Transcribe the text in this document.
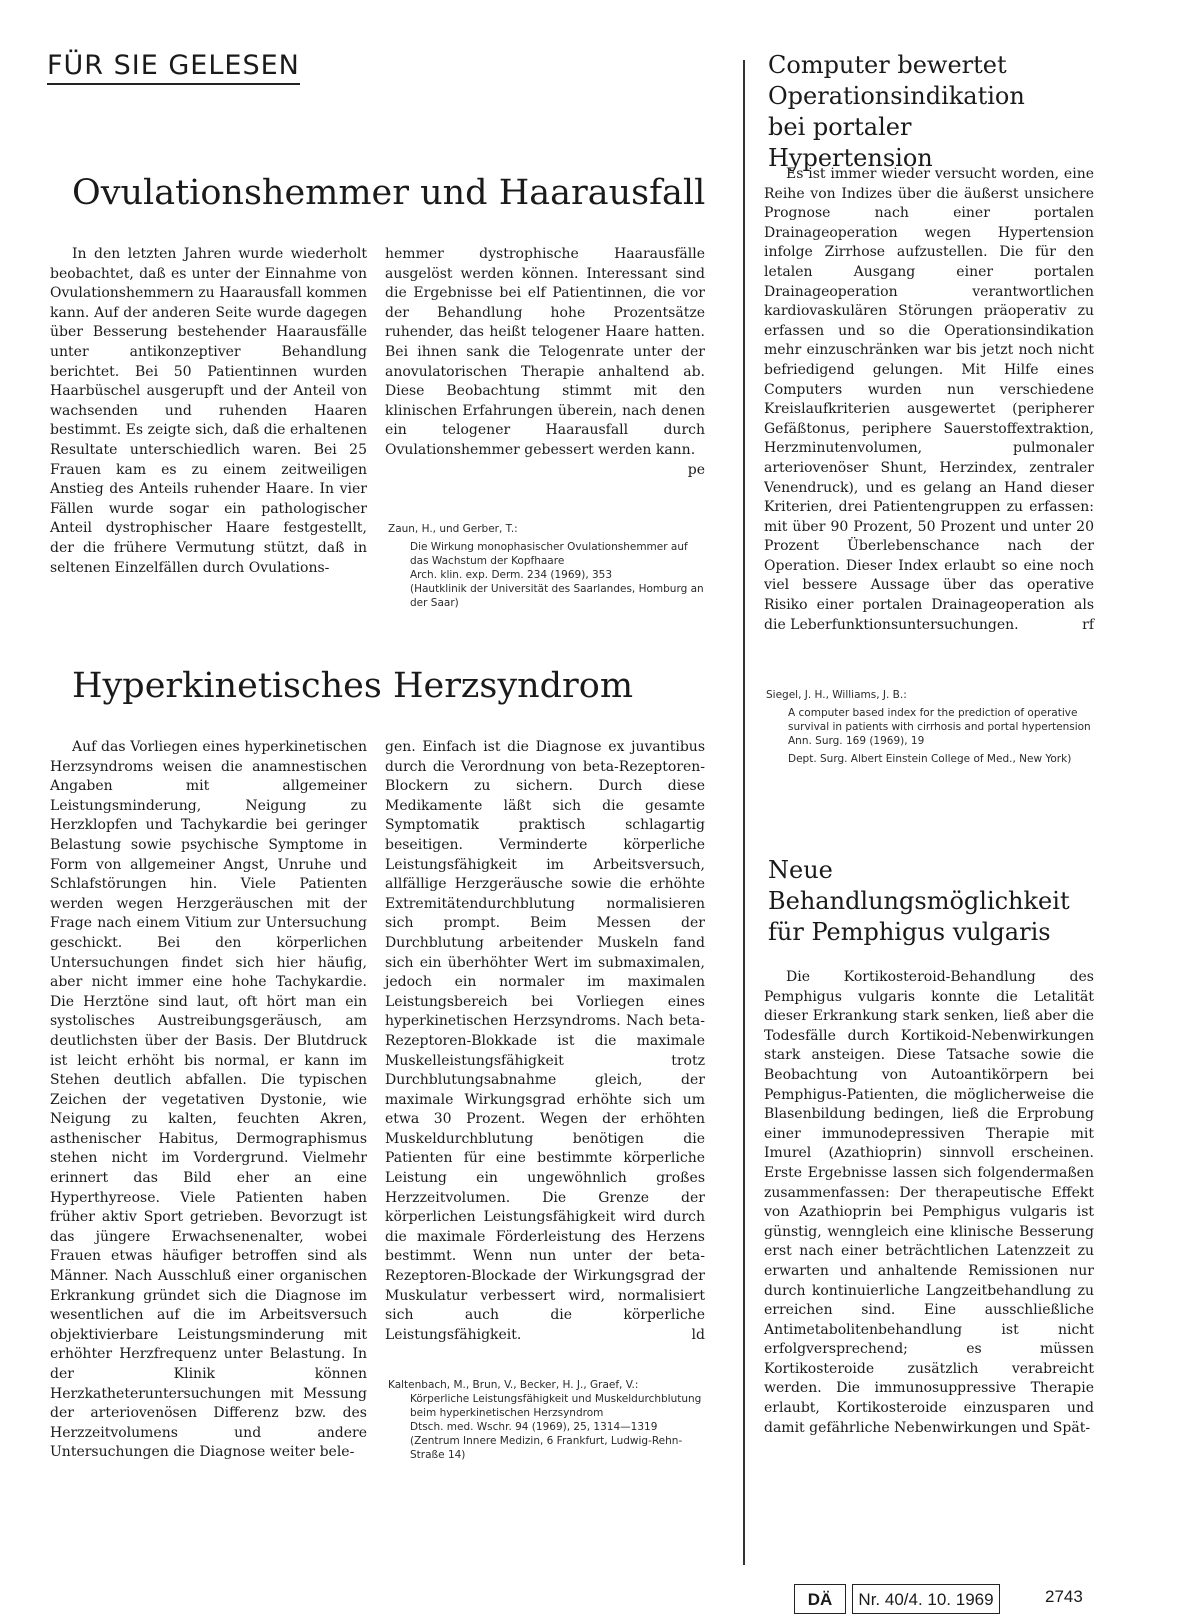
FÜR SIE GELESEN
Ovulationshemmer und Haarausfall

In den letzten Jahren wurde wiederholt beobachtet, daß es unter der Einnahme von Ovulationshemmern zu Haarausfall kommen kann. Auf der anderen Seite wurde dagegen über Besserung bestehender Haarausfälle unter antikonzeptiver Behandlung berichtet. Bei 50 Patientinnen wurden Haarbüschel ausgerupft und der Anteil von wachsenden und ruhenden Haaren bestimmt. Es zeigte sich, daß die erhaltenen Resultate unterschiedlich waren. Bei 25 Frauen kam es zu einem zeitweiligen Anstieg des Anteils ruhender Haare. In vier Fällen wurde sogar ein pathologischer Anteil dystrophischer Haare festgestellt, der die frühere Vermutung stützt, daß in seltenen Einzelfällen durch Ovulations-

hemmer dystrophische Haarausfälle ausgelöst werden können. Interessant sind die Ergebnisse bei elf Patientinnen, die vor der Behandlung hohe Prozentsätze ruhender, das heißt telogener Haare hatten. Bei ihnen sank die Telogenrate unter der anovulatorischen Therapie anhaltend ab. Diese Beobachtung stimmt mit den klinischen Erfahrungen überein, nach denen ein telogener Haarausfall durch Ovulationshemmer gebessert werden kann.
pe

Zaun, H., und Gerber, T.:

Die Wirkung monophasischer Ovulationshemmer auf das Wachstum der Kopfhaare

Arch. klin. exp. Derm. 234 (1969), 353

(Hautklinik der Universität des Saarlandes, Homburg an der Saar)

Hyperkinetisches Herzsyndrom

Auf das Vorliegen eines hyperkinetischen Herzsyndroms weisen die anamnestischen Angaben mit allgemeiner Leistungsminderung, Neigung zu Herzklopfen und Tachykardie bei geringer Belastung sowie psychische Symptome in Form von allgemeiner Angst, Unruhe und Schlafstörungen hin. Viele Patienten werden wegen Herzgeräuschen mit der Frage nach einem Vitium zur Untersuchung geschickt. Bei den körperlichen Untersuchungen findet sich hier häufig, aber nicht immer eine hohe Tachykardie. Die Herztöne sind laut, oft hört man ein systolisches Austreibungsgeräusch, am deutlichsten über der Basis. Der Blutdruck ist leicht erhöht bis normal, er kann im Stehen deutlich abfallen. Die typischen Zeichen der vegetativen Dystonie, wie Neigung zu kalten, feuchten Akren, asthenischer Habitus, Dermographismus stehen nicht im Vordergrund. Vielmehr erinnert das Bild eher an eine Hyperthyreose. Viele Patienten haben früher aktiv Sport getrieben. Bevorzugt ist das jüngere Erwachsenenalter, wobei Frauen etwas häufiger betroffen sind als Männer. Nach Ausschluß einer organischen Erkrankung gründet sich die Diagnose im wesentlichen auf die im Arbeitsversuch objektivierbare Leistungsminderung mit erhöhter Herzfrequenz unter Belastung. In der Klinik können Herzkatheteruntersuchungen mit Messung der arteriovenösen Differenz bzw. des Herzzeitvolumens und andere Untersuchungen die Diagnose weiter bele-

gen. Einfach ist die Diagnose ex juvantibus durch die Verordnung von beta-Rezeptoren-Blockern zu sichern. Durch diese Medikamente läßt sich die gesamte Symptomatik praktisch schlagartig beseitigen. Verminderte körperliche Leistungsfähigkeit im Arbeitsversuch, allfällige Herzgeräusche sowie die erhöhte Extremitätendurchblutung normalisieren sich prompt. Beim Messen der Durchblutung arbeitender Muskeln fand sich ein überhöhter Wert im submaximalen, jedoch ein normaler im maximalen Leistungsbereich bei Vorliegen eines hyperkinetischen Herzsyndroms. Nach beta-Rezeptoren-Blokkade ist die maximale Muskelleistungsfähigkeit trotz Durchblutungsabnahme gleich, der maximale Wirkungsgrad erhöhte sich um etwa 30 Prozent. Wegen der erhöhten Muskeldurchblutung benötigen die Patienten für eine bestimmte körperliche Leistung ein ungewöhnlich großes Herzzeitvolumen. Die Grenze der körperlichen Leistungsfähigkeit wird durch die maximale Förderleistung des Herzens bestimmt. Wenn nun unter der beta-Rezeptoren-Blockade der Wirkungsgrad der Muskulatur verbessert wird, normalisiert sich auch die körperliche Leistungsfähigkeit.	ld

Kaltenbach, M., Brun, V., Becker, H. J., Graef, V.:

Körperliche Leistungsfähigkeit und Muskeldurchblutung beim hyperkinetischen Herzsyndrom

Dtsch. med. Wschr. 94 (1969), 25, 1314—1319

(Zentrum Innere Medizin, 6 Frankfurt, Ludwig-Rehn-Straße 14)

Computer bewertet Operationsindikation bei portaler Hypertension

Es ist immer wieder versucht worden, eine Reihe von Indizes über die äußerst unsichere Prognose nach einer portalen Drainageoperation wegen Hypertension infolge Zirrhose aufzustellen. Die für den letalen Ausgang einer portalen Drainageoperation verantwortlichen kardiovaskulären Störungen präoperativ zu erfassen und so die Operationsindikation mehr einzuschränken war bis jetzt noch nicht befriedigend gelungen. Mit Hilfe eines Computers wurden nun verschiedene Kreislaufkriterien ausgewertet (peripherer Gefäßtonus, periphere Sauerstoffextraktion, Herzminutenvolumen, pulmonaler arteriovenöser Shunt, Herzindex, zentraler Venendruck), und es gelang an Hand dieser Kriterien, drei Patientengruppen zu erfassen: mit über 90 Prozent, 50 Prozent und unter 20 Prozent Überlebenschance nach der Operation. Dieser Index erlaubt so eine noch viel bessere Aussage über das operative Risiko einer portalen Drainageoperation als die Leberfunktionsuntersuchungen.	rf

Siegel, J. H., Williams, J. B.:

A computer based index for the prediction of operative survival in patients with cirrhosis and portal hypertension

Ann. Surg. 169 (1969), 19

Dept. Surg. Albert Einstein College of Med., New York)

Neue Behandlungsmöglichkeit für Pemphigus vulgaris

Die Kortikosteroid-Behandlung des Pemphigus vulgaris konnte die Letalität dieser Erkrankung stark senken, ließ aber die Todesfälle durch Kortikoid-Nebenwirkungen stark ansteigen. Diese Tatsache sowie die Beobachtung von Autoantikörpern bei Pemphigus-Patienten, die möglicherweise die Blasenbildung bedingen, ließ die Erprobung einer immunodepressiven Therapie mit Imurel (Azathioprin) sinnvoll erscheinen. Erste Ergebnisse lassen sich folgendermaßen zusammenfassen: Der therapeutische Effekt von Azathioprin bei Pemphigus vulgaris ist günstig, wenngleich eine klinische Besserung erst nach einer beträchtlichen Latenzzeit zu erwarten und anhaltende Remissionen nur durch kontinuierliche Langzeitbehandlung zu erreichen sind. Eine ausschließliche Antimetabolitenbehandlung ist nicht erfolgversprechend; es müssen Kortikosteroide zusätzlich verabreicht werden. Die immunosuppressive Therapie erlaubt, Kortikosteroide einzusparen und damit gefährliche Nebenwirkungen und Spät-

DÄ	Nr. 40/4. 10. 1969	2743
